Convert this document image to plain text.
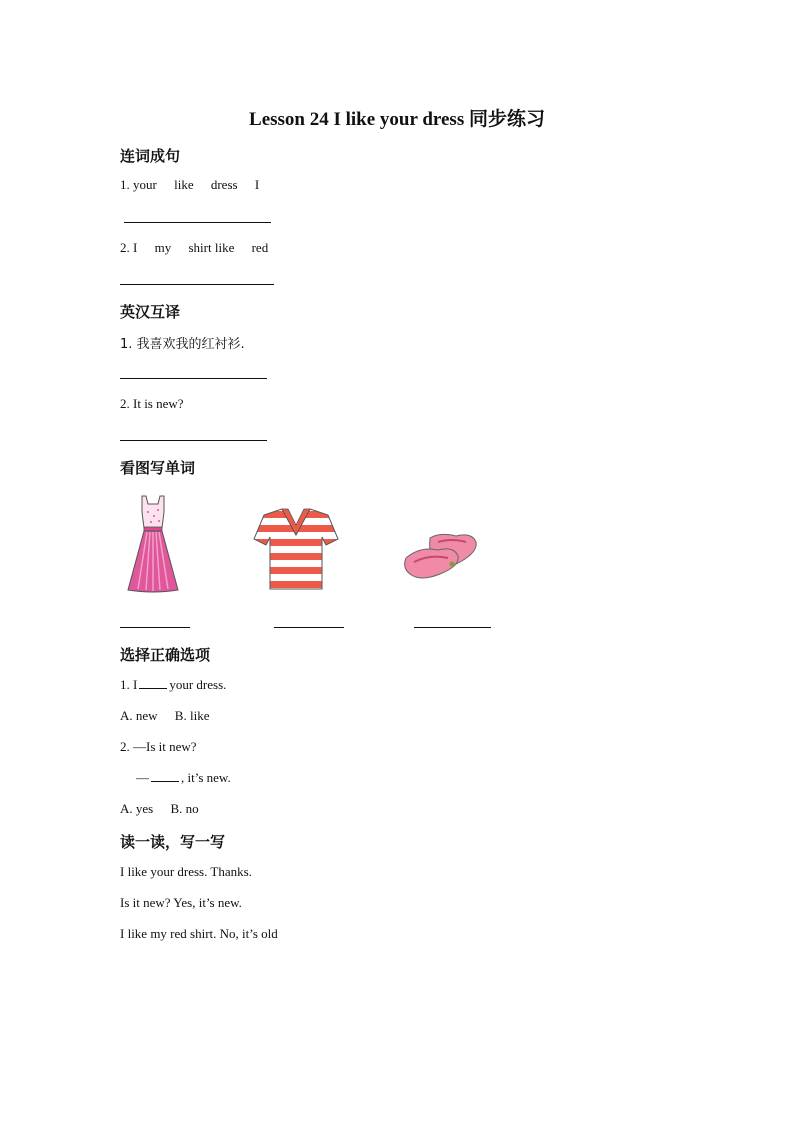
Lesson 24 I like your dress 同步练习
连词成句
1. your like dress I
2. I my shirt like red
英汉互译
1. 我喜欢我的红衬衫.
2. It is new?
看图写单词
选择正确选项
1. I your dress.
A. new B. like
2. —Is it new?
— , it’s new.
A. yes B. no
读一读，写一写
I like your dress. Thanks.
Is it new? Yes, it’s new.
I like my red shirt. No, it’s old
